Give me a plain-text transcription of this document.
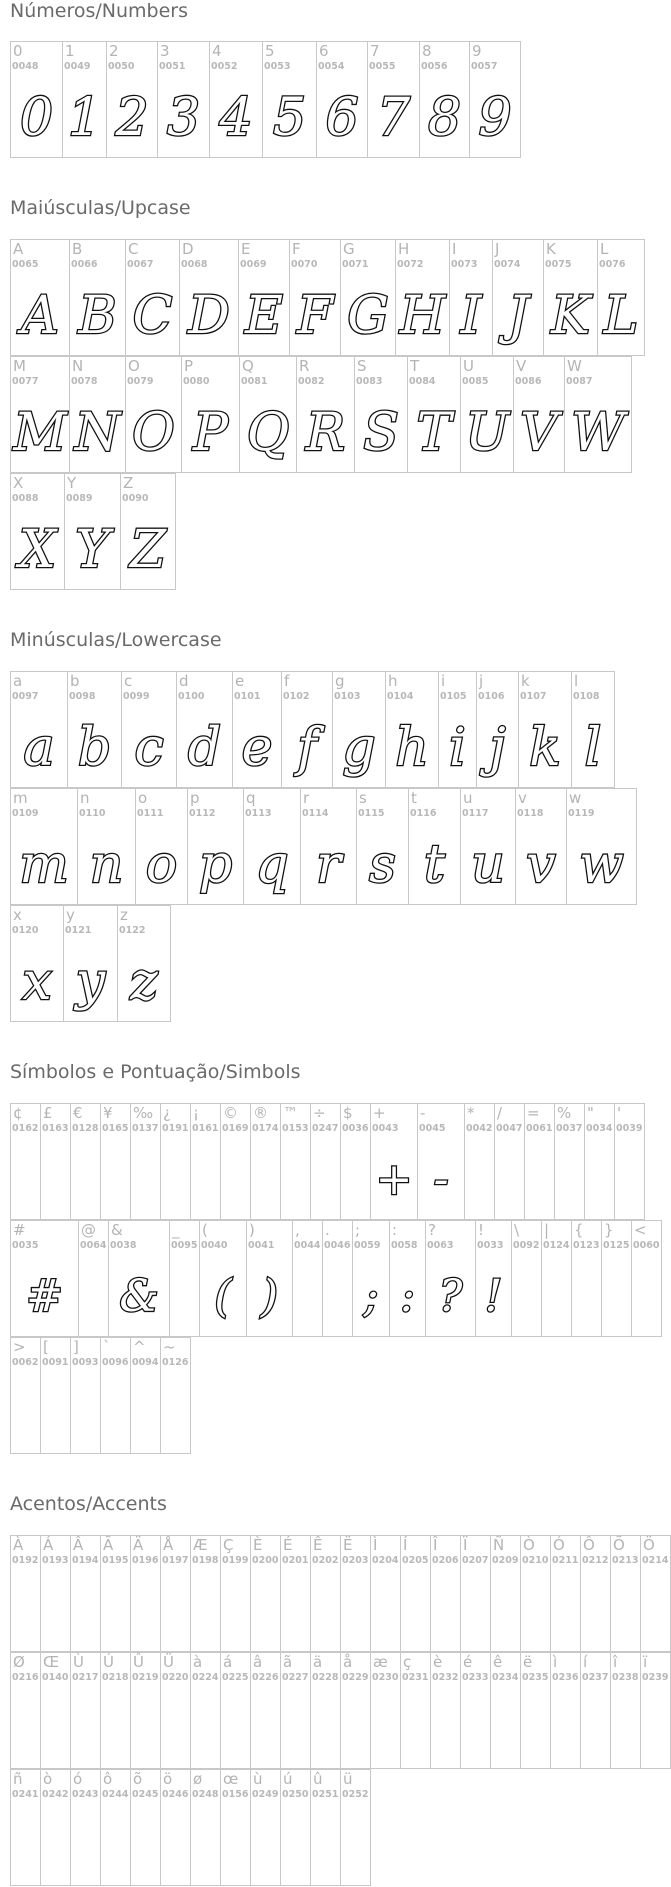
Números/Numbers
0
0048
0
1
0049
1
2
0050
2
3
0051
3
4
0052
4
5
0053
5
6
0054
6
7
0055
7
8
0056
8
9
0057
9
Maiúsculas/Upcase
A
0065
A
B
0066
B
C
0067
C
D
0068
D
E
0069
E
F
0070
F
G
0071
G
H
0072
H
I
0073
I
J
0074
J
K
0075
K
L
0076
L
M
0077
M
N
0078
N
O
0079
O
P
0080
P
Q
0081
Q
R
0082
R
S
0083
S
T
0084
T
U
0085
U
V
0086
V
W
0087
W
X
0088
X
Y
0089
Y
Z
0090
Z
Minúsculas/Lowercase
a
0097
a
b
0098
b
c
0099
c
d
0100
d
e
0101
e
f
0102
f
g
0103
g
h
0104
h
i
0105
i
j
0106
j
k
0107
k
l
0108
l
m
0109
m
n
0110
n
o
0111
o
p
0112
p
q
0113
q
r
0114
r
s
0115
s
t
0116
t
u
0117
u
v
0118
v
w
0119
w
x
0120
x
y
0121
y
z
0122
z
Símbolos e Pontuação/Simbols
¢
0162
£
0163
€
0128
¥
0165
‰
0137
¿
0191
¡
0161
©
0169
®
0174
™
0153
÷
0247
$
0036
+
0043
+
-
0045
-
*
0042
/
0047
=
0061
%
0037
"
0034
'
0039
#
0035
#
@
0064
&
0038
&
_
0095
(
0040
(
)
0041
)
,
0044
.
0046
;
0059
;
:
0058
:
?
0063
?
!
0033
!
\
0092
|
0124
{
0123
}
0125
<
0060
>
0062
[
0091
]
0093
`
0096
^
0094
~
0126
Acentos/Accents
À
0192
Á
0193
Â
0194
Ã
0195
Ä
0196
Å
0197
Æ
0198
Ç
0199
È
0200
É
0201
Ê
0202
Ë
0203
Ì
0204
Í
0205
Î
0206
Ï
0207
Ñ
0209
Ò
0210
Ó
0211
Ô
0212
Õ
0213
Ö
0214
Ø
0216
Œ
0140
Ù
0217
Ú
0218
Û
0219
Ü
0220
à
0224
á
0225
â
0226
ã
0227
ä
0228
å
0229
æ
0230
ç
0231
è
0232
é
0233
ê
0234
ë
0235
ì
0236
í
0237
î
0238
ï
0239
ñ
0241
ò
0242
ó
0243
ô
0244
õ
0245
ö
0246
ø
0248
œ
0156
ù
0249
ú
0250
û
0251
ü
0252
